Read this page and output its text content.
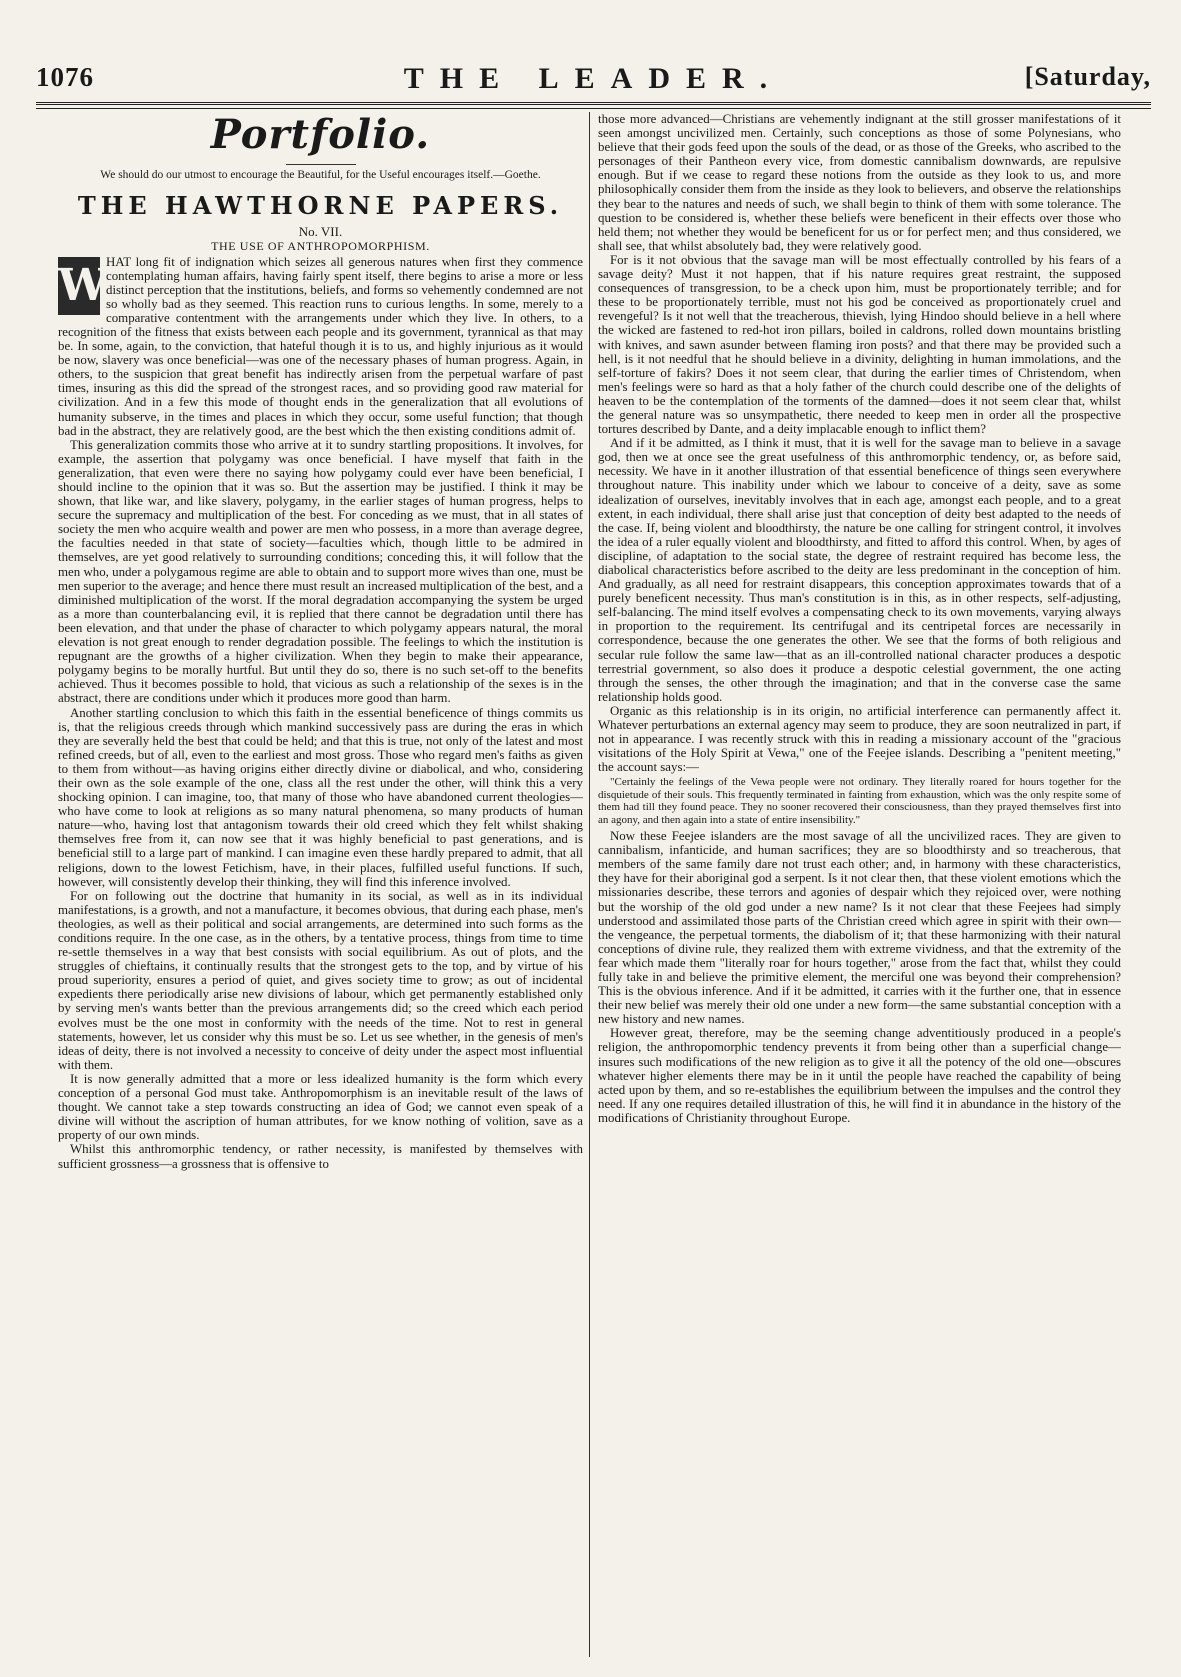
1076	THE LEADER.	[Saturday,
Portfolio.
We should do our utmost to encourage the Beautiful, for the Useful encourages itself.—Goethe.
THE HAWTHORNE PAPERS.
No. VII.
THE USE OF ANTHROPOMORPHISM.

W
HAT long fit of indignation which seizes all generous natures when first they commence contemplating human affairs, having fairly spent itself, there begins to arise a more or less distinct perception that the institutions, beliefs, and forms so vehemently condemned are not so wholly bad as they seemed. This reaction runs to curious lengths. In some, merely to a comparative contentment with the arrangements under which they live. In others, to a recognition of the fitness that exists between each people and its government, tyrannical as that may be. In some, again, to the conviction, that hateful though it is to us, and highly injurious as it would be now, slavery was once beneficial—was one of the necessary phases of human progress. Again, in others, to the suspicion that great benefit has indirectly arisen from the perpetual warfare of past times, insuring as this did the spread of the strongest races, and so providing good raw material for civilization. And in a few this mode of thought ends in the generalization that all evolutions of humanity subserve, in the times and places in which they occur, some useful function; that though bad in the abstract, they are relatively good, are the best which the then existing conditions admit of.

This generalization commits those who arrive at it to sundry startling propositions. It involves, for example, the assertion that polygamy was once beneficial. I have myself that faith in the generalization, that even were there no saying how polygamy could ever have been beneficial, I should incline to the opinion that it was so. But the assertion may be justified. I think it may be shown, that like war, and like slavery, polygamy, in the earlier stages of human progress, helps to secure the supremacy and multiplication of the best. For conceding as we must, that in all states of society the men who acquire wealth and power are men who possess, in a more than average degree, the faculties needed in that state of society—faculties which, though little to be admired in themselves, are yet good relatively to surrounding conditions; conceding this, it will follow that the men who, under a polygamous regime are able to obtain and to support more wives than one, must be men superior to the average; and hence there must result an increased multiplication of the best, and a diminished multiplication of the worst. If the moral degradation accompanying the system be urged as a more than counterbalancing evil, it is replied that there cannot be degradation until there has been elevation, and that under the phase of character to which polygamy appears natural, the moral elevation is not great enough to render degradation possible. The feelings to which the institution is repugnant are the growths of a higher civilization. When they begin to make their appearance, polygamy begins to be morally hurtful. But until they do so, there is no such set-off to the benefits achieved. Thus it becomes possible to hold, that vicious as such a relationship of the sexes is in the abstract, there are conditions under which it produces more good than harm.

Another startling conclusion to which this faith in the essential beneficence of things commits us is, that the religious creeds through which mankind successively pass are during the eras in which they are severally held the best that could be held; and that this is true, not only of the latest and most refined creeds, but of all, even to the earliest and most gross. Those who regard men's faiths as given to them from without—as having origins either directly divine or diabolical, and who, considering their own as the sole example of the one, class all the rest under the other, will think this a very shocking opinion. I can imagine, too, that many of those who have abandoned current theologies—who have come to look at religions as so many natural phenomena, so many products of human nature—who, having lost that antagonism towards their old creed which they felt whilst shaking themselves free from it, can now see that it was highly beneficial to past generations, and is beneficial still to a large part of mankind. I can imagine even these hardly prepared to admit, that all religions, down to the lowest Fetichism, have, in their places, fulfilled useful functions. If such, however, will consistently develop their thinking, they will find this inference involved.

For on following out the doctrine that humanity in its social, as well as in its individual manifestations, is a growth, and not a manufacture, it becomes obvious, that during each phase, men's theologies, as well as their political and social arrangements, are determined into such forms as the conditions require. In the one case, as in the others, by a tentative process, things from time to time re-settle themselves in a way that best consists with social equilibrium. As out of plots, and the struggles of chieftains, it continually results that the strongest gets to the top, and by virtue of his proud superiority, ensures a period of quiet, and gives society time to grow; as out of incidental expedients there periodically arise new divisions of labour, which get permanently established only by serving men's wants better than the previous arrangements did; so the creed which each period evolves must be the one most in conformity with the needs of the time. Not to rest in general statements, however, let us consider why this must be so. Let us see whether, in the genesis of men's ideas of deity, there is not involved a necessity to conceive of deity under the aspect most influential with them.

It is now generally admitted that a more or less idealized humanity is the form which every conception of a personal God must take. Anthropomorphism is an inevitable result of the laws of thought. We cannot take a step towards constructing an idea of God; we cannot even speak of a divine will without the ascription of human attributes, for we know nothing of volition, save as a property of our own minds.

Whilst this anthromorphic tendency, or rather necessity, is manifested by themselves with sufficient grossness—a grossness that is offensive to

those more advanced—Christians are vehemently indignant at the still grosser manifestations of it seen amongst uncivilized men. Certainly, such conceptions as those of some Polynesians, who believe that their gods feed upon the souls of the dead, or as those of the Greeks, who ascribed to the personages of their Pantheon every vice, from domestic cannibalism downwards, are repulsive enough. But if we cease to regard these notions from the outside as they look to us, and more philosophically consider them from the inside as they look to believers, and observe the relationships they bear to the natures and needs of such, we shall begin to think of them with some tolerance. The question to be considered is, whether these beliefs were beneficent in their effects over those who held them; not whether they would be beneficent for us or for perfect men; and thus considered, we shall see, that whilst absolutely bad, they were relatively good.

For is it not obvious that the savage man will be most effectually controlled by his fears of a savage deity? Must it not happen, that if his nature requires great restraint, the supposed consequences of transgression, to be a check upon him, must be proportionately terrible; and for these to be proportionately terrible, must not his god be conceived as proportionately cruel and revengeful? Is it not well that the treacherous, thievish, lying Hindoo should believe in a hell where the wicked are fastened to red-hot iron pillars, boiled in caldrons, rolled down mountains bristling with knives, and sawn asunder between flaming iron posts? and that there may be provided such a hell, is it not needful that he should believe in a divinity, delighting in human immolations, and the self-torture of fakirs? Does it not seem clear, that during the earlier times of Christendom, when men's feelings were so hard as that a holy father of the church could describe one of the delights of heaven to be the contemplation of the torments of the damned—does it not seem clear that, whilst the general nature was so unsympathetic, there needed to keep men in order all the prospective tortures described by Dante, and a deity implacable enough to inflict them?

And if it be admitted, as I think it must, that it is well for the savage man to believe in a savage god, then we at once see the great usefulness of this anthromorphic tendency, or, as before said, necessity. We have in it another illustration of that essential beneficence of things seen everywhere throughout nature. This inability under which we labour to conceive of a deity, save as some idealization of ourselves, inevitably involves that in each age, amongst each people, and to a great extent, in each individual, there shall arise just that conception of deity best adapted to the needs of the case. If, being violent and bloodthirsty, the nature be one calling for stringent control, it involves the idea of a ruler equally violent and bloodthirsty, and fitted to afford this control. When, by ages of discipline, of adaptation to the social state, the degree of restraint required has become less, the diabolical characteristics before ascribed to the deity are less predominant in the conception of him. And gradually, as all need for restraint disappears, this conception approximates towards that of a purely beneficent necessity. Thus man's constitution is in this, as in other respects, self-adjusting, self-balancing. The mind itself evolves a compensating check to its own movements, varying always in proportion to the requirement. Its centrifugal and its centripetal forces are necessarily in correspondence, because the one generates the other. We see that the forms of both religious and secular rule follow the same law—that as an ill-controlled national character produces a despotic terrestrial government, so also does it produce a despotic celestial government, the one acting through the senses, the other through the imagination; and that in the converse case the same relationship holds good.

Organic as this relationship is in its origin, no artificial interference can permanently affect it. Whatever perturbations an external agency may seem to produce, they are soon neutralized in part, if not in appearance. I was recently struck with this in reading a missionary account of the "gracious visitations of the Holy Spirit at Vewa," one of the Feejee islands. Describing a "penitent meeting," the account says:—

"Certainly the feelings of the Vewa people were not ordinary. They literally roared for hours together for the disquietude of their souls. This frequently terminated in fainting from exhaustion, which was the only respite some of them had till they found peace. They no sooner recovered their consciousness, than they prayed themselves first into an agony, and then again into a state of entire insensibility."

Now these Feejee islanders are the most savage of all the uncivilized races. They are given to cannibalism, infanticide, and human sacrifices; they are so bloodthirsty and so treacherous, that members of the same family dare not trust each other; and, in harmony with these characteristics, they have for their aboriginal god a serpent. Is it not clear then, that these violent emotions which the missionaries describe, these terrors and agonies of despair which they rejoiced over, were nothing but the worship of the old god under a new name? Is it not clear that these Feejees had simply understood and assimilated those parts of the Christian creed which agree in spirit with their own—the vengeance, the perpetual torments, the diabolism of it; that these harmonizing with their natural conceptions of divine rule, they realized them with extreme vividness, and that the extremity of the fear which made them "literally roar for hours together," arose from the fact that, whilst they could fully take in and believe the primitive element, the merciful one was beyond their comprehension? This is the obvious inference. And if it be admitted, it carries with it the further one, that in essence their new belief was merely their old one under a new form—the same substantial conception with a new history and new names.

However great, therefore, may be the seeming change adventitiously produced in a people's religion, the anthropomorphic tendency prevents it from being other than a superficial change—insures such modifications of the new religion as to give it all the potency of the old one—obscures whatever higher elements there may be in it until the people have reached the capability of being acted upon by them, and so re-establishes the equilibrium between the impulses and the control they need. If any one requires detailed illustration of this, he will find it in abundance in the history of the modifications of Christianity throughout Europe.
